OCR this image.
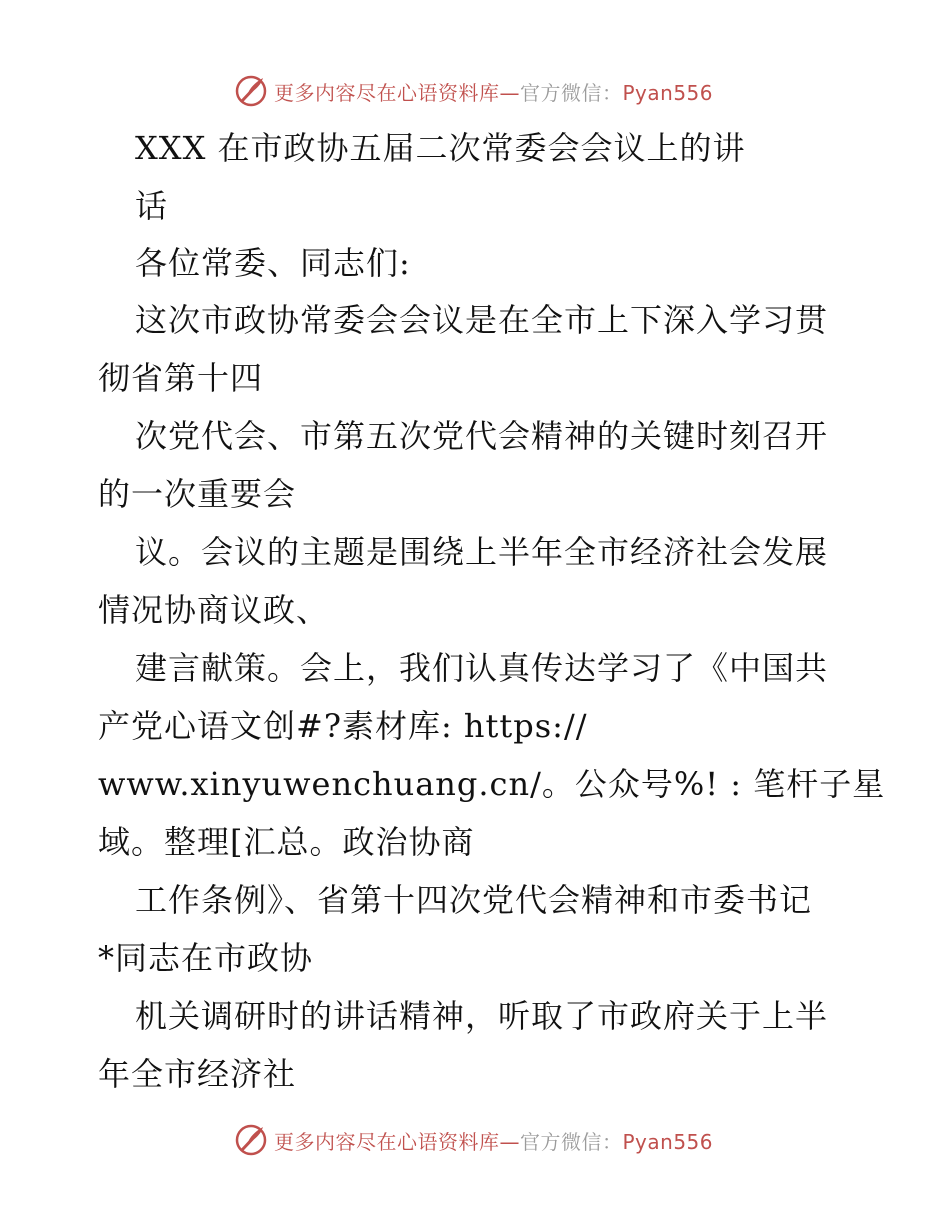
更多内容尽在心语资料库—官方微信：Pyan556
XXX 在市政协五届二次常委会会议上的讲
话
各位常委、同志们:
这次市政协常委会会议是在全市上下深入学习贯
彻省第十四
次党代会、市第五次党代会精神的关键时刻召开
的一次重要会
议。会议的主题是围绕上半年全市经济社会发展
情况协商议政、
建言献策。会上，我们认真传达学习了《中国共
产党心语文创#?素材库: https://
www.xinyuwenchuang.cn/。公众号%! : 笔杆子星
域。整理[汇总。政治协商
工作条例》、省第十四次党代会精神和市委书记
*同志在市政协
机关调研时的讲话精神，听取了市政府关于上半
年全市经济社
更多内容尽在心语资料库—官方微信：Pyan556
